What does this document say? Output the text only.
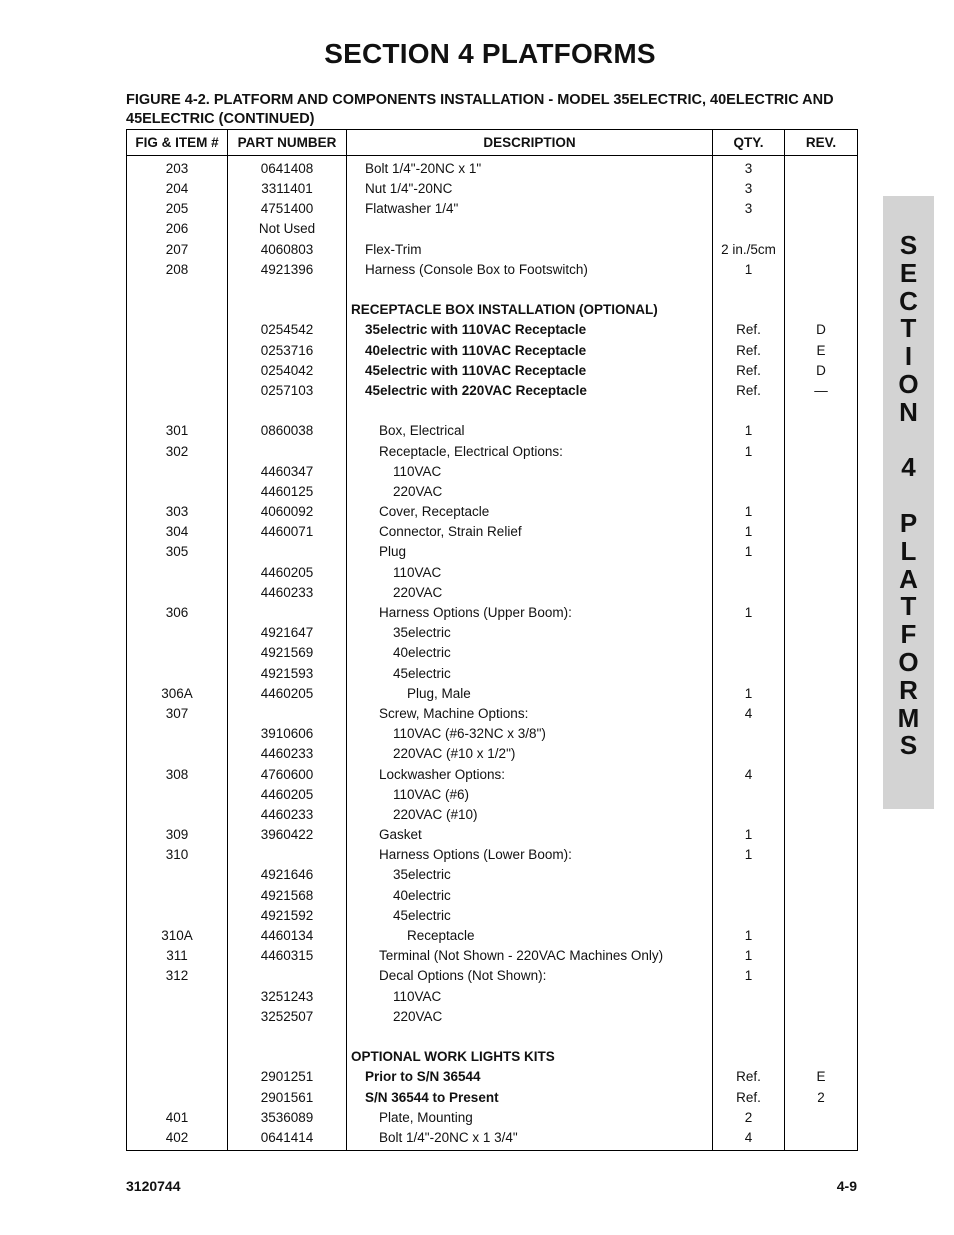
SECTION 4 PLATFORMS
FIGURE 4-2. PLATFORM AND COMPONENTS INSTALLATION - MODEL 35ELECTRIC, 40ELECTRIC AND 45ELECTRIC (CONTINUED)
FIG & ITEM #	PART NUMBER	DESCRIPTION	QTY.	REV.
203	0641408	Bolt 1/4"-20NC x 1"	3	
204	3311401	Nut 1/4"-20NC	3	
205	4751400	Flatwasher 1/4"	3	
206	Not Used			
207	4060803	Flex-Trim	2 in./5cm	
208	4921396	Harness (Console Box to Footswitch)	1	

		RECEPTACLE BOX INSTALLATION (OPTIONAL)		
	0254542	35electric with 110VAC Receptacle	Ref.	D
	0253716	40electric with 110VAC Receptacle	Ref.	E
	0254042	45electric with 110VAC Receptacle	Ref.	D
	0257103	45electric with 220VAC Receptacle	Ref.	—

301	0860038	Box, Electrical	1	
302		Receptacle, Electrical Options:	1	
	4460347	110VAC		
	4460125	220VAC		
303	4060092	Cover, Receptacle	1	
304	4460071	Connector, Strain Relief	1	
305		Plug	1	
	4460205	110VAC		
	4460233	220VAC		
306		Harness Options (Upper Boom):	1	
	4921647	35electric		
	4921569	40electric		
	4921593	45electric		
306A	4460205	Plug, Male	1	
307		Screw, Machine Options:	4	
	3910606	110VAC (#6-32NC x 3/8")		
	4460233	220VAC (#10 x 1/2")		
308	4760600	Lockwasher Options:	4	
	4460205	110VAC (#6)		
	4460233	220VAC (#10)		
309	3960422	Gasket	1	
310		Harness Options (Lower Boom):	1	
	4921646	35electric		
	4921568	40electric		
	4921592	45electric		
310A	4460134	Receptacle	1	
311	4460315	Terminal (Not Shown - 220VAC Machines Only)	1	
312		Decal Options (Not Shown):	1	
	3251243	110VAC		
	3252507	220VAC		

		OPTIONAL WORK LIGHTS KITS		
	2901251	Prior to S/N 36544	Ref.	E
	2901561	S/N 36544 to Present	Ref.	2
401	3536089	Plate, Mounting	2	
402	0641414	Bolt 1/4"-20NC x 1 3/4"	4	
S
E
C
T
I
O
N
4
P
L
A
T
F
O
R
M
S
3120744	4-9
